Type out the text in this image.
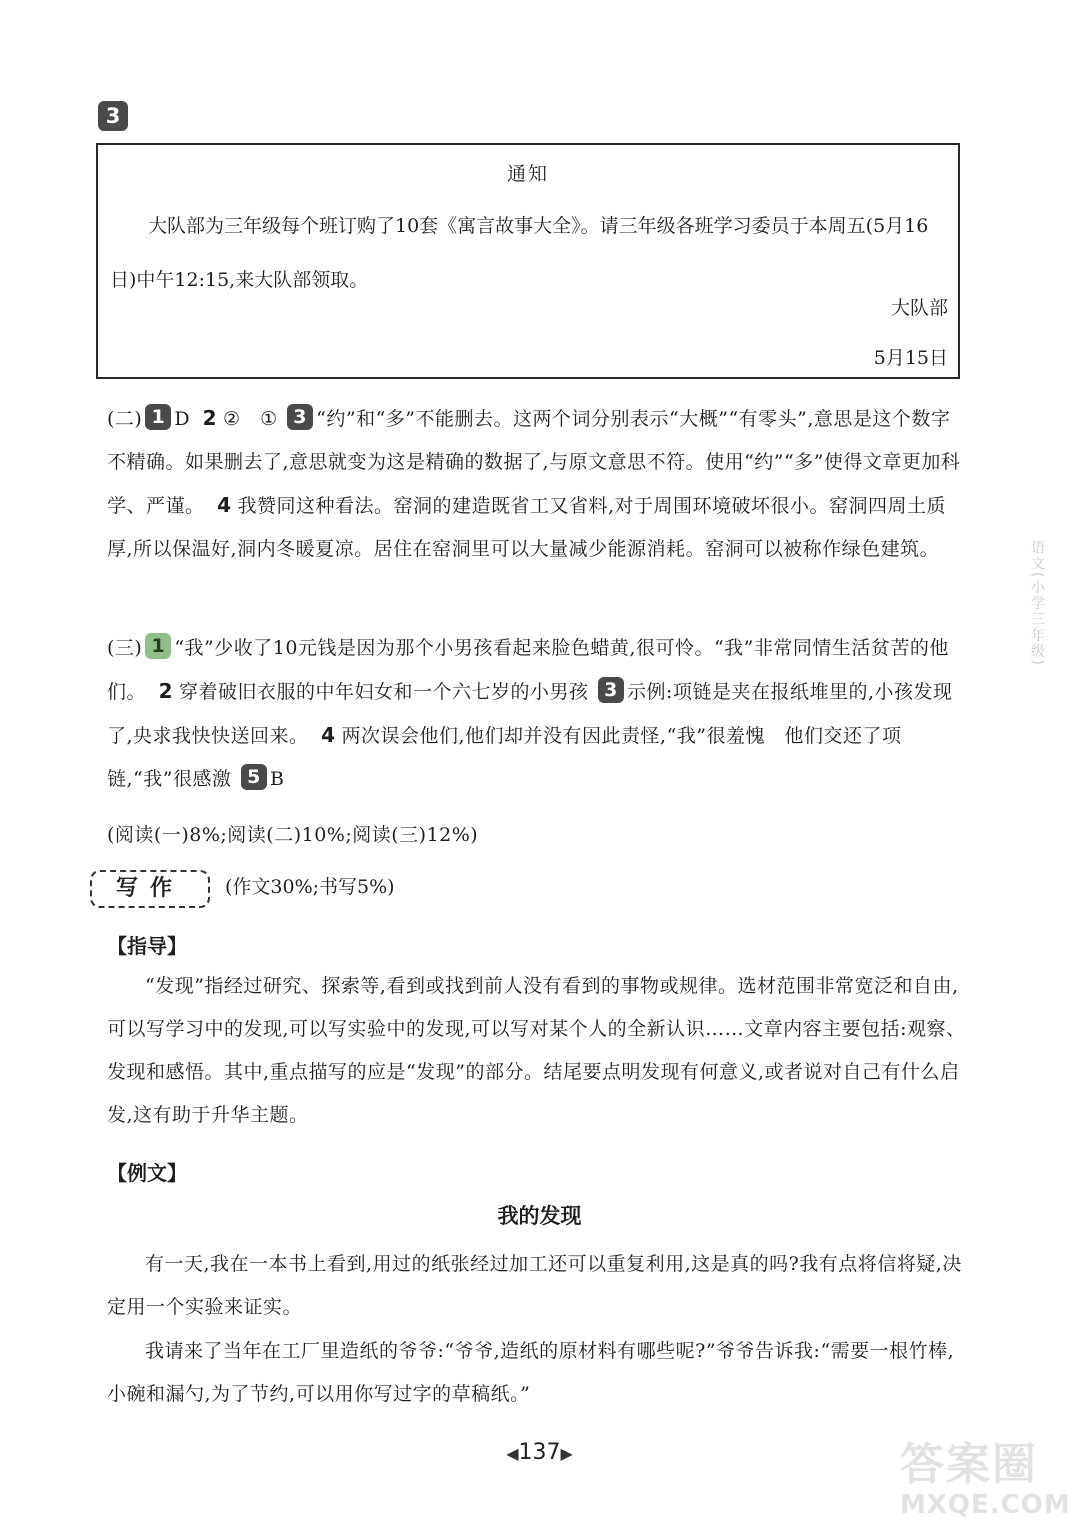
3
通知
大队部为三年级每个班订购了10套《寓言故事大全》。请三年级各班学习委员于本周五(5月16日)中午12:15,来大队部领取。
大队部
5月15日
(二) 1 D 2 ②　① 3 “约”和“多”不能删去。这两个词分别表示“大概”“有零头”,意思是这个数字不精确。如果删去了,意思就变为这是精确的数据了,与原文意思不符。使用“约”“多”使得文章更加科学、严谨。 4 我赞同这种看法。窑洞的建造既省工又省料,对于周围环境破坏很小。窑洞四周土质厚,所以保温好,洞内冬暖夏凉。居住在窑洞里可以大量减少能源消耗。窑洞可以被称作绿色建筑。
(三) 1 “我”少收了10元钱是因为那个小男孩看起来脸色蜡黄,很可怜。“我”非常同情生活贫苦的他们。 2 穿着破旧衣服的中年妇女和一个六七岁的小男孩 3 示例:项链是夹在报纸堆里的,小孩发现了,央求我快快送回来。 4 两次误会他们,他们却并没有因此责怪,“我”很羞愧　他们交还了项链,“我”很感激 5 B
(阅读(一)8%;阅读(二)10%;阅读(三)12%)
写作	(作文30%;书写5%)
【指导】
“发现”指经过研究、探索等,看到或找到前人没有看到的事物或规律。选材范围非常宽泛和自由,可以写学习中的发现,可以写实验中的发现,可以写对某个人的全新认识……文章内容主要包括:观察、发现和感悟。其中,重点描写的应是“发现”的部分。结尾要点明发现有何意义,或者说对自己有什么启发,这有助于升华主题。
【例文】
我的发现
有一天,我在一本书上看到,用过的纸张经过加工还可以重复利用,这是真的吗?我有点将信将疑,决定用一个实验来证实。
我请来了当年在工厂里造纸的爷爷:“爷爷,造纸的原材料有哪些呢?”爷爷告诉我:“需要一根竹棒,小碗和漏勺,为了节约,可以用你写过字的草稿纸。”
◀137▶
语文(小学三年级)
答案圈
MXQE.COM
